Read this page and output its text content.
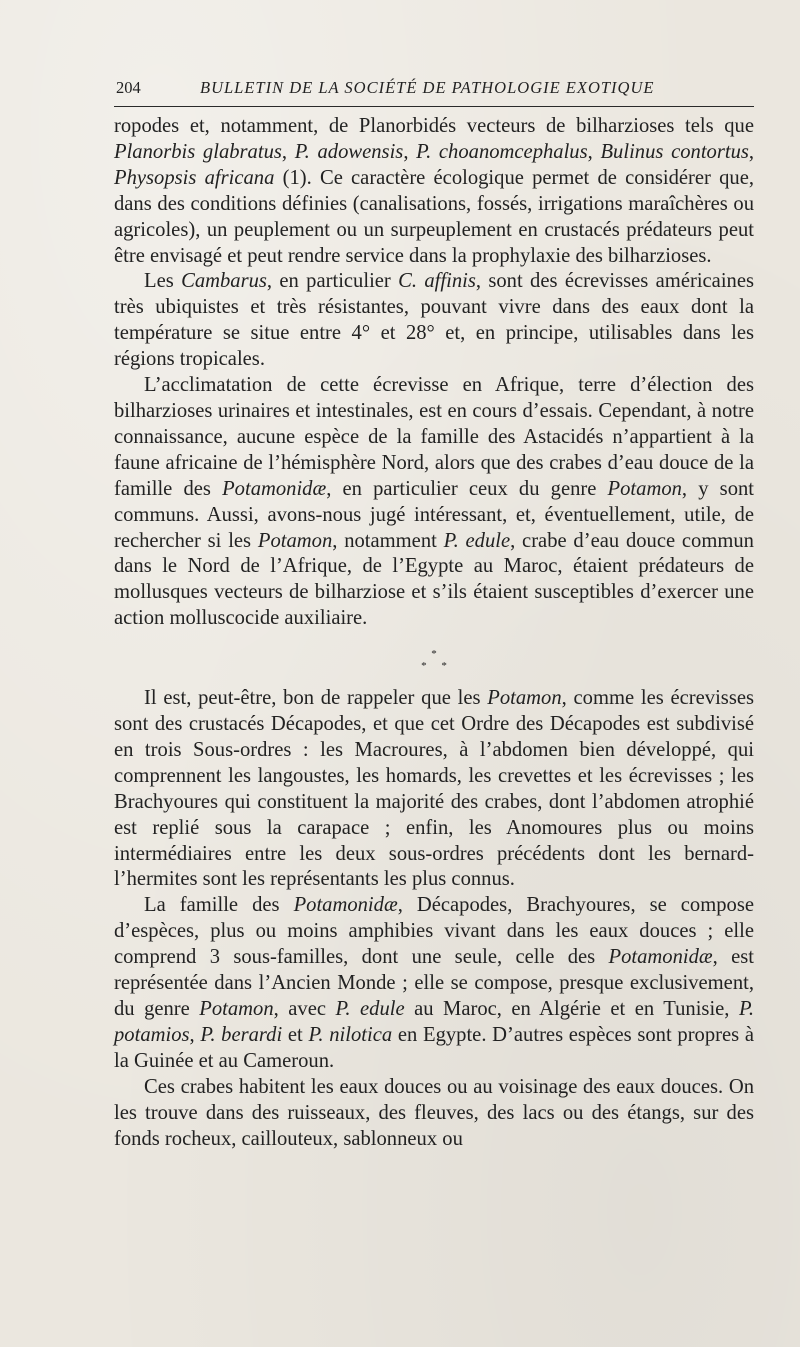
204	BULLETIN DE LA SOCIÉTÉ DE PATHOLOGIE EXOTIQUE

ropodes et, notamment, de Planorbidés vecteurs de bilharzioses tels que Planorbis glabratus, P. adowensis, P. choanomcephalus, Bulinus contortus, Physopsis africana (1). Ce caractère écologique permet de considérer que, dans des conditions définies (canalisations, fossés, irrigations maraîchères ou agricoles), un peuplement ou un surpeuplement en crustacés prédateurs peut être envisagé et peut rendre service dans la prophylaxie des bilharzioses.

Les Cambarus, en particulier C. affinis, sont des écrevisses américaines très ubiquistes et très résistantes, pouvant vivre dans des eaux dont la température se situe entre 4° et 28° et, en principe, utilisables dans les régions tropicales.

L’acclimatation de cette écrevisse en Afrique, terre d’élection des bilharzioses urinaires et intestinales, est en cours d’essais. Cependant, à notre connaissance, aucune espèce de la famille des Astacidés n’appartient à la faune africaine de l’hémisphère Nord, alors que des crabes d’eau douce de la famille des Potamonidæ, en particulier ceux du genre Potamon, y sont communs. Aussi, avons-nous jugé intéressant, et, éventuellement, utile, de rechercher si les Potamon, notamment P. edule, crabe d’eau douce commun dans le Nord de l’Afrique, de l’Egypte au Maroc, étaient prédateurs de mollusques vecteurs de bilharziose et s’ils étaient susceptibles d’exercer une action molluscocide auxiliaire.

*
* *

Il est, peut-être, bon de rappeler que les Potamon, comme les écrevisses sont des crustacés Décapodes, et que cet Ordre des Décapodes est subdivisé en trois Sous-ordres : les Macroures, à l’abdomen bien développé, qui comprennent les langoustes, les homards, les crevettes et les écrevisses ; les Brachyoures qui constituent la majorité des crabes, dont l’abdomen atrophié est replié sous la carapace ; enfin, les Anomoures plus ou moins intermédiaires entre les deux sous-ordres précédents dont les bernard-l’hermites sont les représentants les plus connus.

La famille des Potamonidæ, Décapodes, Brachyoures, se compose d’espèces, plus ou moins amphibies vivant dans les eaux douces ; elle comprend 3 sous-familles, dont une seule, celle des Potamonidæ, est représentée dans l’Ancien Monde ; elle se compose, presque exclusivement, du genre Potamon, avec P. edule au Maroc, en Algérie et en Tunisie, P. potamios, P. berardi et P. nilotica en Egypte. D’autres espèces sont propres à la Guinée et au Cameroun.

Ces crabes habitent les eaux douces ou au voisinage des eaux douces. On les trouve dans des ruisseaux, des fleuves, des lacs ou des étangs, sur des fonds rocheux, caillouteux, sablonneux ou
